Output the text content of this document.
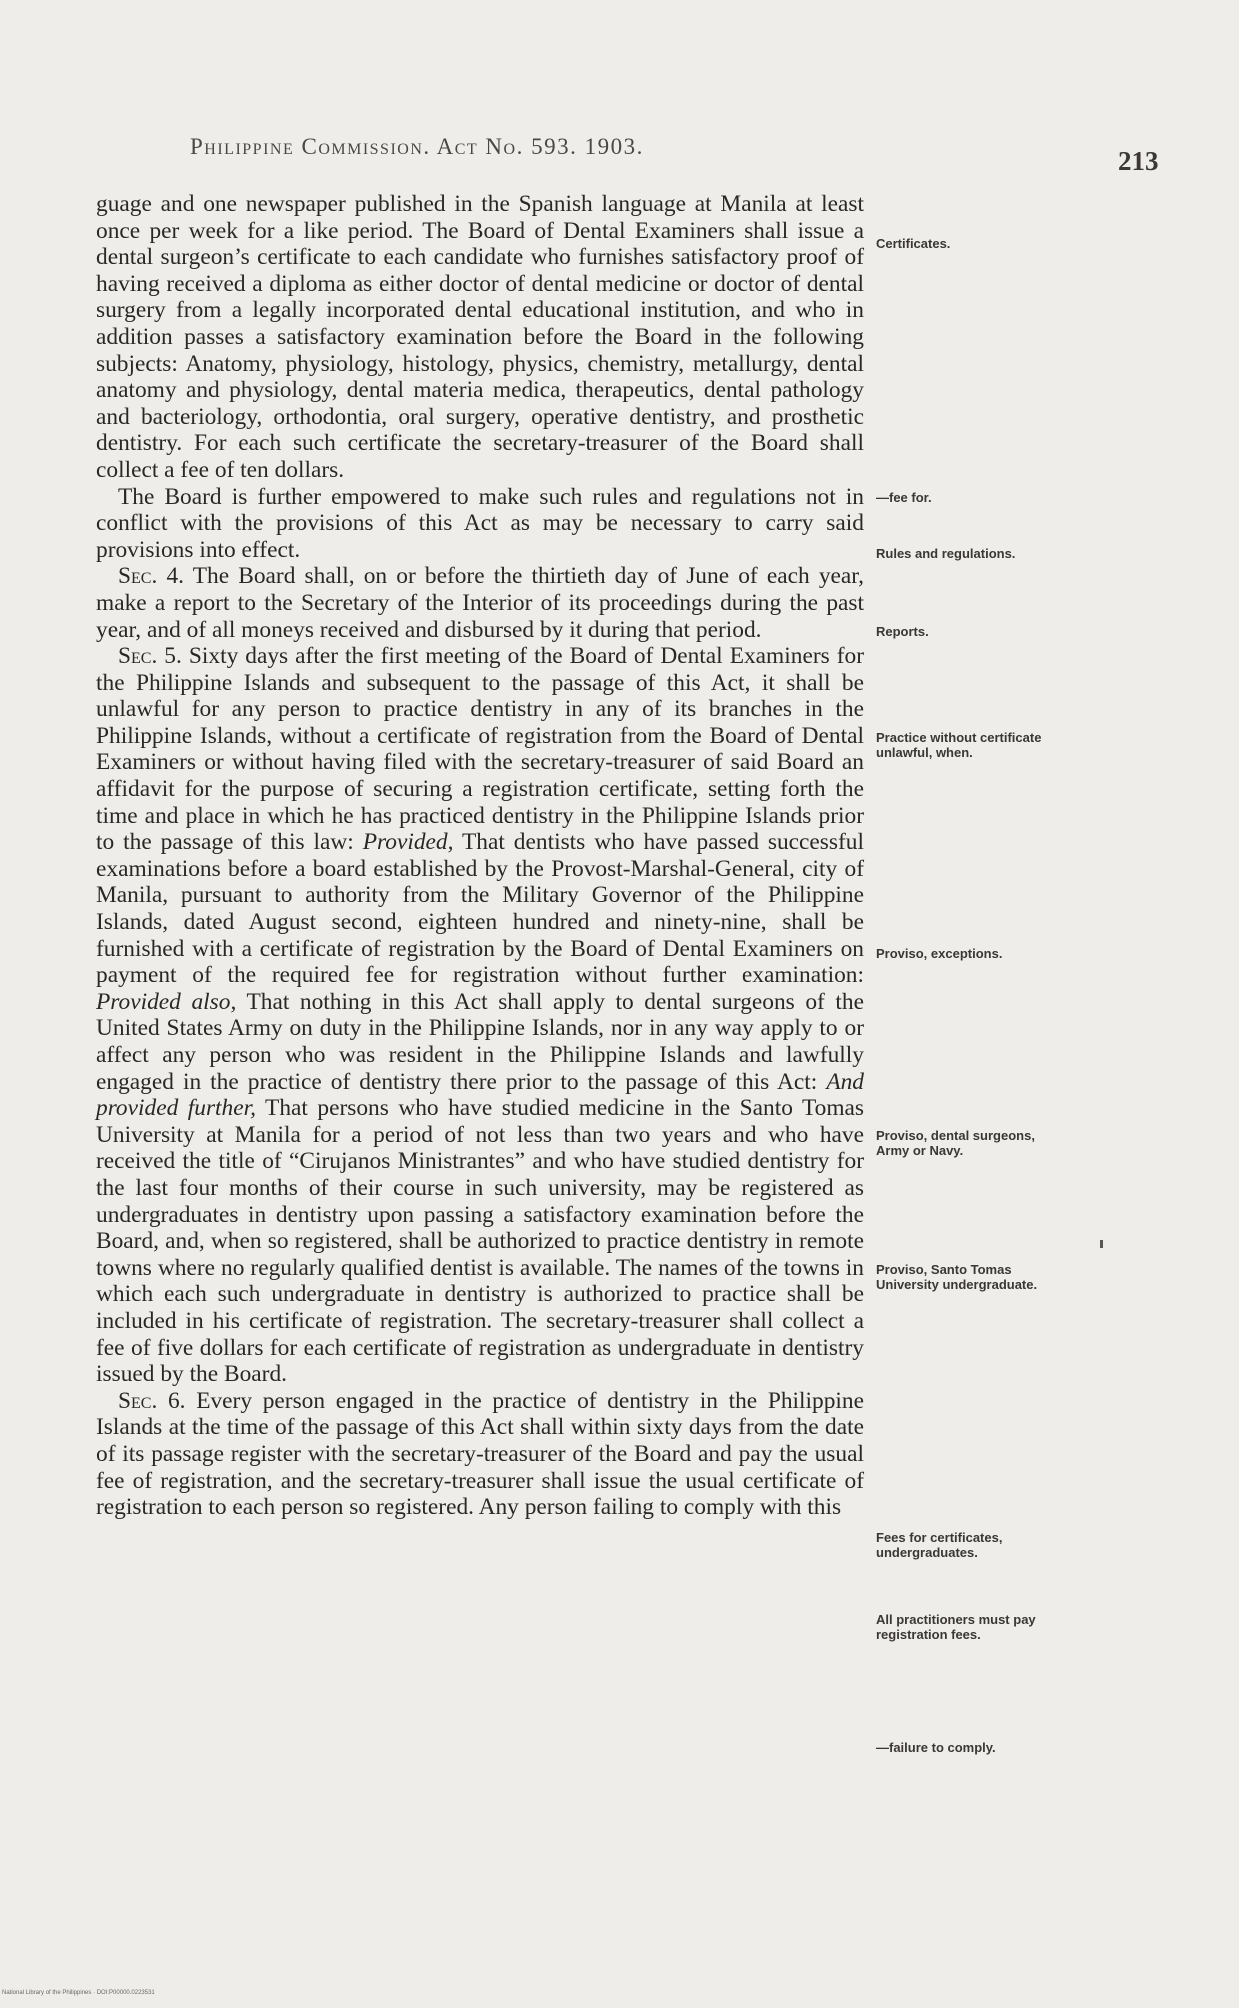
Philippine Commission. Act No. 593. 1903.	213

guage and one newspaper published in the Spanish language at Manila at least once per week for a like period. The Board of Dental Examiners shall issue a dental surgeon’s certificate to each candidate who furnishes satisfactory proof of having received a diploma as either doctor of dental medicine or doctor of dental surgery from a legally incorporated dental educational institution, and who in addition passes a satisfactory examination before the Board in the following subjects: Anatomy, physiology, histology, physics, chemistry, metallurgy, dental anatomy and physiology, dental materia medica, therapeutics, dental pathology and bacteriology, orthodontia, oral surgery, operative dentistry, and prosthetic dentistry. For each such certificate the secretary-treasurer of the Board shall collect a fee of ten dollars.

The Board is further empowered to make such rules and regulations not in conflict with the provisions of this Act as may be necessary to carry said provisions into effect.

Sec. 4. The Board shall, on or before the thirtieth day of June of each year, make a report to the Secretary of the Interior of its proceedings during the past year, and of all moneys received and disbursed by it during that period.

Sec. 5. Sixty days after the first meeting of the Board of Dental Examiners for the Philippine Islands and subsequent to the passage of this Act, it shall be unlawful for any person to practice dentistry in any of its branches in the Philippine Islands, without a certificate of registration from the Board of Dental Examiners or without having filed with the secretary-treasurer of said Board an affidavit for the purpose of securing a registration certificate, setting forth the time and place in which he has practiced dentistry in the Philippine Islands prior to the passage of this law: Provided, That dentists who have passed successful examinations before a board established by the Provost-Marshal-General, city of Manila, pursuant to authority from the Military Governor of the Philippine Islands, dated August second, eighteen hundred and ninety-nine, shall be furnished with a certificate of registration by the Board of Dental Examiners on payment of the required fee for registration without further examination: Provided also, That nothing in this Act shall apply to dental surgeons of the United States Army on duty in the Philippine Islands, nor in any way apply to or affect any person who was resident in the Philippine Islands and lawfully engaged in the practice of dentistry there prior to the passage of this Act: And provided further, That persons who have studied medicine in the Santo Tomas University at Manila for a period of not less than two years and who have received the title of “Cirujanos Ministrantes” and who have studied dentistry for the last four months of their course in such university, may be registered as undergraduates in dentistry upon passing a satisfactory examination before the Board, and, when so registered, shall be authorized to practice dentistry in remote towns where no regularly qualified dentist is available. The names of the towns in which each such undergraduate in dentistry is authorized to practice shall be included in his certificate of registration. The secretary-treasurer shall collect a fee of five dollars for each certificate of registration as undergraduate in dentistry issued by the Board.

Sec. 6. Every person engaged in the practice of dentistry in the Philippine Islands at the time of the passage of this Act shall within sixty days from the date of its passage register with the secretary-treasurer of the Board and pay the usual fee of registration, and the secretary-treasurer shall issue the usual certificate of registration to each person so registered. Any person failing to comply with this

Certificates.
—fee for.
Rules and regulations.
Reports.
Practice without certificate unlawful, when.
Proviso, exceptions.
Proviso, dental surgeons, Army or Navy.
Proviso, Santo Tomas University undergraduate.
Fees for certificates, undergraduates.
All practitioners must pay registration fees.
—failure to comply.
National Library of the Philippines · DOI:P00000.0223531
